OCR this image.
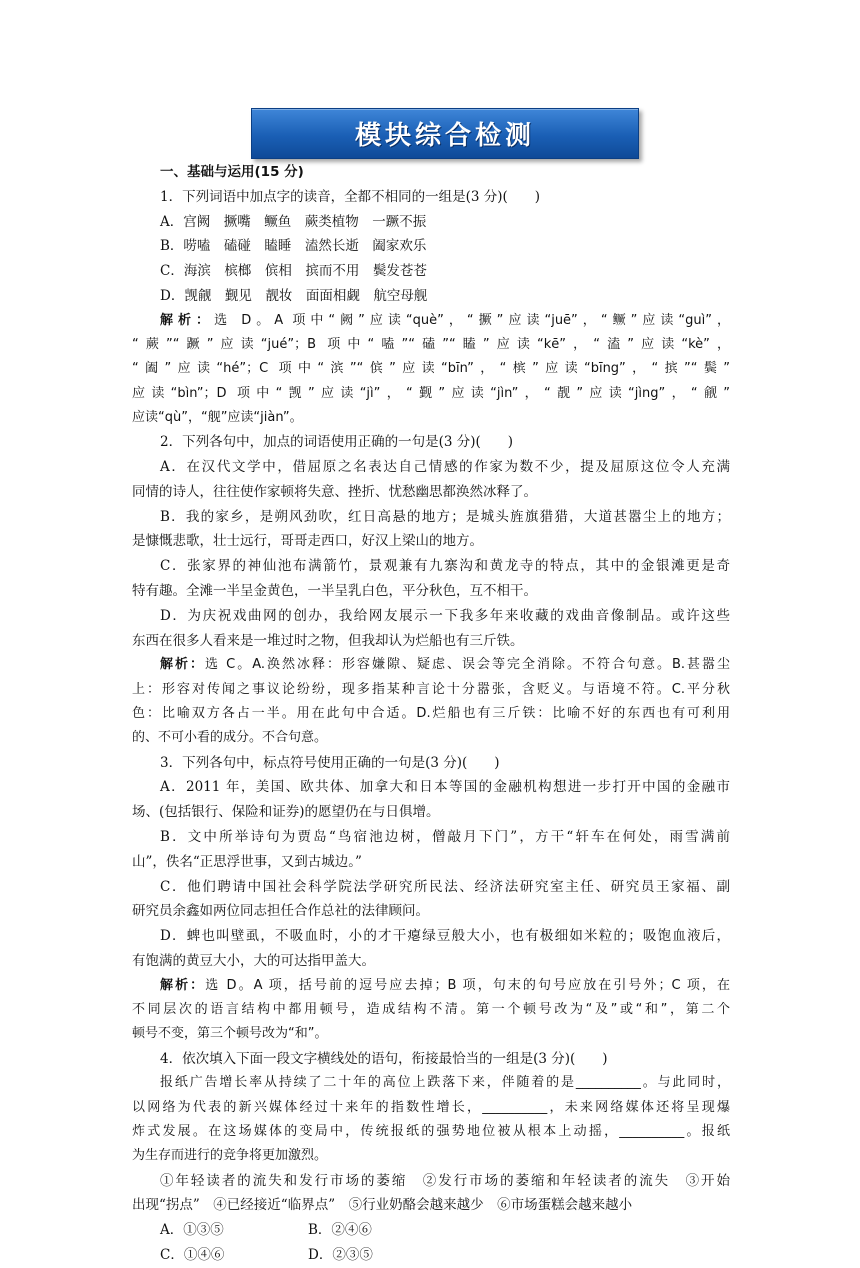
模块综合检测
一、基础与运用(15 分)
1．下列词语中加点字的读音，全都不相同的一组是(3 分)(　　)
A．宫阙　撅嘴　鳜鱼　蕨类植物　一蹶不振
B．唠嗑　磕碰　瞌睡　溘然长逝　阖家欢乐
C．海滨　槟榔　傧相　摈而不用　鬓发苍苍
D．觊觎　觐见　靓妆　面面相觑　航空母舰
解析：选 D。A 项中“阙”应读“què”，“撅”应读“juē”，“鳜”应读“guì”，
“蕨”“蹶”应读“jué”；B 项中“嗑”“磕”“瞌”应读“kē”，“溘”应读“kè”，
“阖”应读“hé”；C 项中“滨”“傧”应读“bīn”，“槟”应读“bīng”，“摈”“鬓”
应读“bìn”；D 项中“觊”应读“jì”，“觐”应读“jìn”，“靓”应读“jìng”，“觎”
应读“qù”，“舰”应读“jiàn”。
2．下列各句中，加点的词语使用正确的一句是(3 分)(　　)
A．在汉代文学中，借屈原之名表达自己情感的作家为数不少，提及屈原这位令人充满
同情的诗人，往往使作家顿将失意、挫折、忧愁幽思都涣然冰释了。
B．我的家乡，是朔风劲吹，红日高悬的地方；是城头旌旗猎猎，大道甚嚣尘上的地方；
是慷慨悲歌，壮士远行，哥哥走西口，好汉上梁山的地方。
C．张家界的神仙池布满箭竹，景观兼有九寨沟和黄龙寺的特点，其中的金银滩更是奇
特有趣。全滩一半呈金黄色，一半呈乳白色，平分秋色，互不相干。
D．为庆祝戏曲网的创办，我给网友展示一下我多年来收藏的戏曲音像制品。或许这些
东西在很多人看来是一堆过时之物，但我却认为烂船也有三斤铁。
解析：选 C。A.涣然冰释：形容嫌隙、疑虑、误会等完全消除。不符合句意。B.甚嚣尘
上：形容对传闻之事议论纷纷，现多指某种言论十分嚣张，含贬义。与语境不符。C.平分秋
色：比喻双方各占一半。用在此句中合适。D.烂船也有三斤铁：比喻不好的东西也有可利用
的、不可小看的成分。不合句意。
3．下列各句中，标点符号使用正确的一句是(3 分)(　　)
A．2011 年，美国、欧共体、加拿大和日本等国的金融机构想进一步打开中国的金融市
场、(包括银行、保险和证券)的愿望仍在与日俱增。
B．文中所举诗句为贾岛“鸟宿池边树，僧敲月下门”，方干“轩车在何处，雨雪满前
山”，佚名“正思浮世事，又到古城边。”
C．他们聘请中国社会科学院法学研究所民法、经济法研究室主任、研究员王家福、副
研究员余鑫如两位同志担任合作总社的法律顾问。
D．蜱也叫壁虱，不吸血时，小的才干瘪绿豆般大小，也有极细如米粒的；吸饱血液后，
有饱满的黄豆大小，大的可达指甲盖大。
解析：选 D。A 项，括号前的逗号应去掉；B 项，句末的句号应放在引号外；C 项，在
不同层次的语言结构中都用顿号，造成结构不清。第一个顿号改为“及”或“和”，第二个
顿号不变，第三个顿号改为“和”。
4．依次填入下面一段文字横线处的语句，衔接最恰当的一组是(3 分)(　　)
报纸广告增长率从持续了二十年的高位上跌落下来，伴随着的是__________。与此同时，
以网络为代表的新兴媒体经过十来年的指数性增长，__________，未来网络媒体还将呈现爆
炸式发展。在这场媒体的变局中，传统报纸的强势地位被从根本上动摇，__________。报纸
为生存而进行的竞争将更加激烈。
①年轻读者的流失和发行市场的萎缩　②发行市场的萎缩和年轻读者的流失　③开始
出现“拐点”　④已经接近“临界点”　⑤行业奶酪会越来越少　⑥市场蛋糕会越来越小
A．①③⑤	B．②④⑥
C．①④⑥	D．②③⑤
